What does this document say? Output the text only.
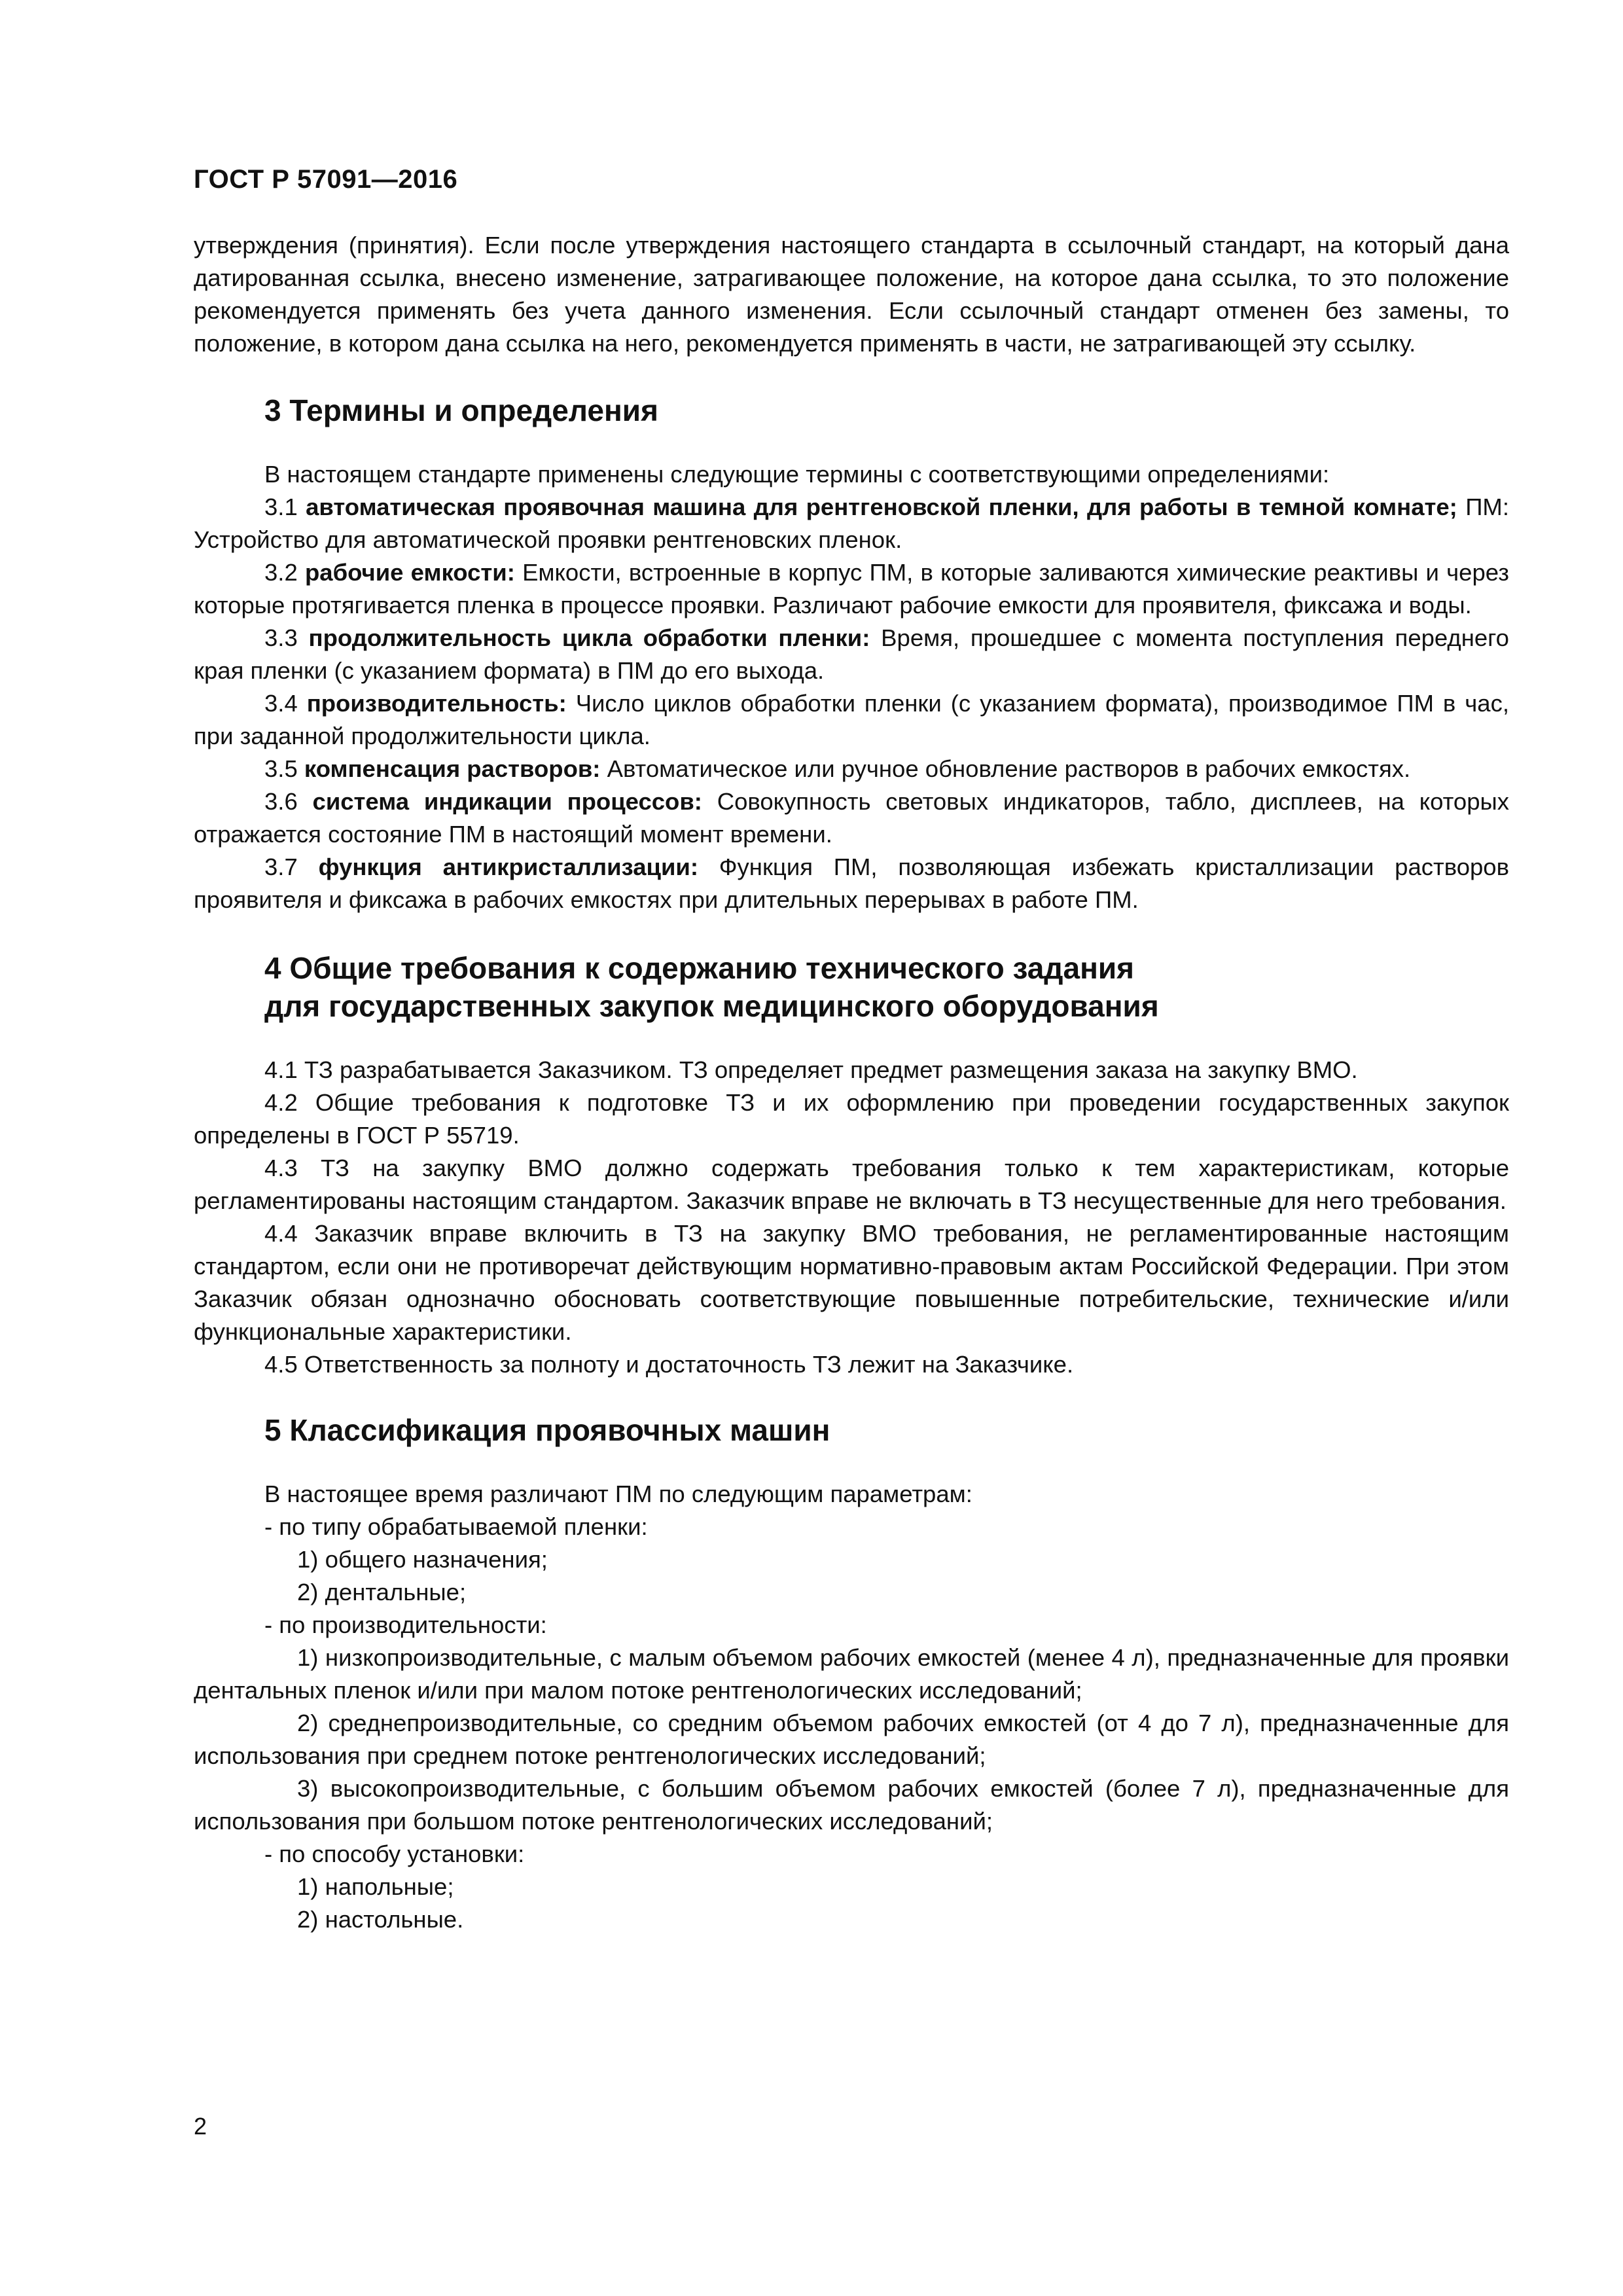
ГОСТ Р 57091—2016

утверждения (принятия). Если после утверждения настоящего стандарта в ссылочный стандарт, на который дана датированная ссылка, внесено изменение, затрагивающее положение, на которое дана ссылка, то это положение рекомендуется применять без учета данного изменения. Если ссылочный стандарт отменен без замены, то положение, в котором дана ссылка на него, рекомендуется применять в части, не затрагивающей эту ссылку.

3 Термины и определения

В настоящем стандарте применены следующие термины с соответствующими определениями:

3.1 автоматическая проявочная машина для рентгеновской пленки, для работы в темной комнате; ПМ: Устройство для автоматической проявки рентгеновских пленок.

3.2 рабочие емкости: Емкости, встроенные в корпус ПМ, в которые заливаются химические реактивы и через которые протягивается пленка в процессе проявки. Различают рабочие емкости для проявителя, фиксажа и воды.

3.3 продолжительность цикла обработки пленки: Время, прошедшее с момента поступления переднего края пленки (с указанием формата) в ПМ до его выхода.

3.4 производительность: Число циклов обработки пленки (с указанием формата), производимое ПМ в час, при заданной продолжительности цикла.

3.5 компенсация растворов: Автоматическое или ручное обновление растворов в рабочих емкостях.

3.6 система индикации процессов: Совокупность световых индикаторов, табло, дисплеев, на которых отражается состояние ПМ в настоящий момент времени.

3.7 функция антикристаллизации: Функция ПМ, позволяющая избежать кристаллизации растворов проявителя и фиксажа в рабочих емкостях при длительных перерывах в работе ПМ.

4 Общие требования к содержанию технического задания
для государственных закупок медицинского оборудования

4.1 ТЗ разрабатывается Заказчиком. ТЗ определяет предмет размещения заказа на закупку ВМО.

4.2 Общие требования к подготовке ТЗ и их оформлению при проведении государственных закупок определены в ГОСТ Р 55719.

4.3 ТЗ на закупку ВМО должно содержать требования только к тем характеристикам, которые регламентированы настоящим стандартом. Заказчик вправе не включать в ТЗ несущественные для него требования.

4.4 Заказчик вправе включить в ТЗ на закупку ВМО требования, не регламентированные настоящим стандартом, если они не противоречат действующим нормативно-правовым актам Российской Федерации. При этом Заказчик обязан однозначно обосновать соответствующие повышенные потребительские, технические и/или функциональные характеристики.

4.5 Ответственность за полноту и достаточность ТЗ лежит на Заказчике.

5 Классификация проявочных машин

В настоящее время различают ПМ по следующим параметрам:

- по типу обрабатываемой пленки:

1) общего назначения;

2) дентальные;

- по производительности:

1) низкопроизводительные, с малым объемом рабочих емкостей (менее 4 л), предназначенные для проявки дентальных пленок и/или при малом потоке рентгенологических исследований;

2) среднепроизводительные, со средним объемом рабочих емкостей (от 4 до 7 л), предназначенные для использования при среднем потоке рентгенологических исследований;

3) высокопроизводительные, с большим объемом рабочих емкостей (более 7 л), предназначенные для использования при большом потоке рентгенологических исследований;

- по способу установки:

1) напольные;

2) настольные.

2
